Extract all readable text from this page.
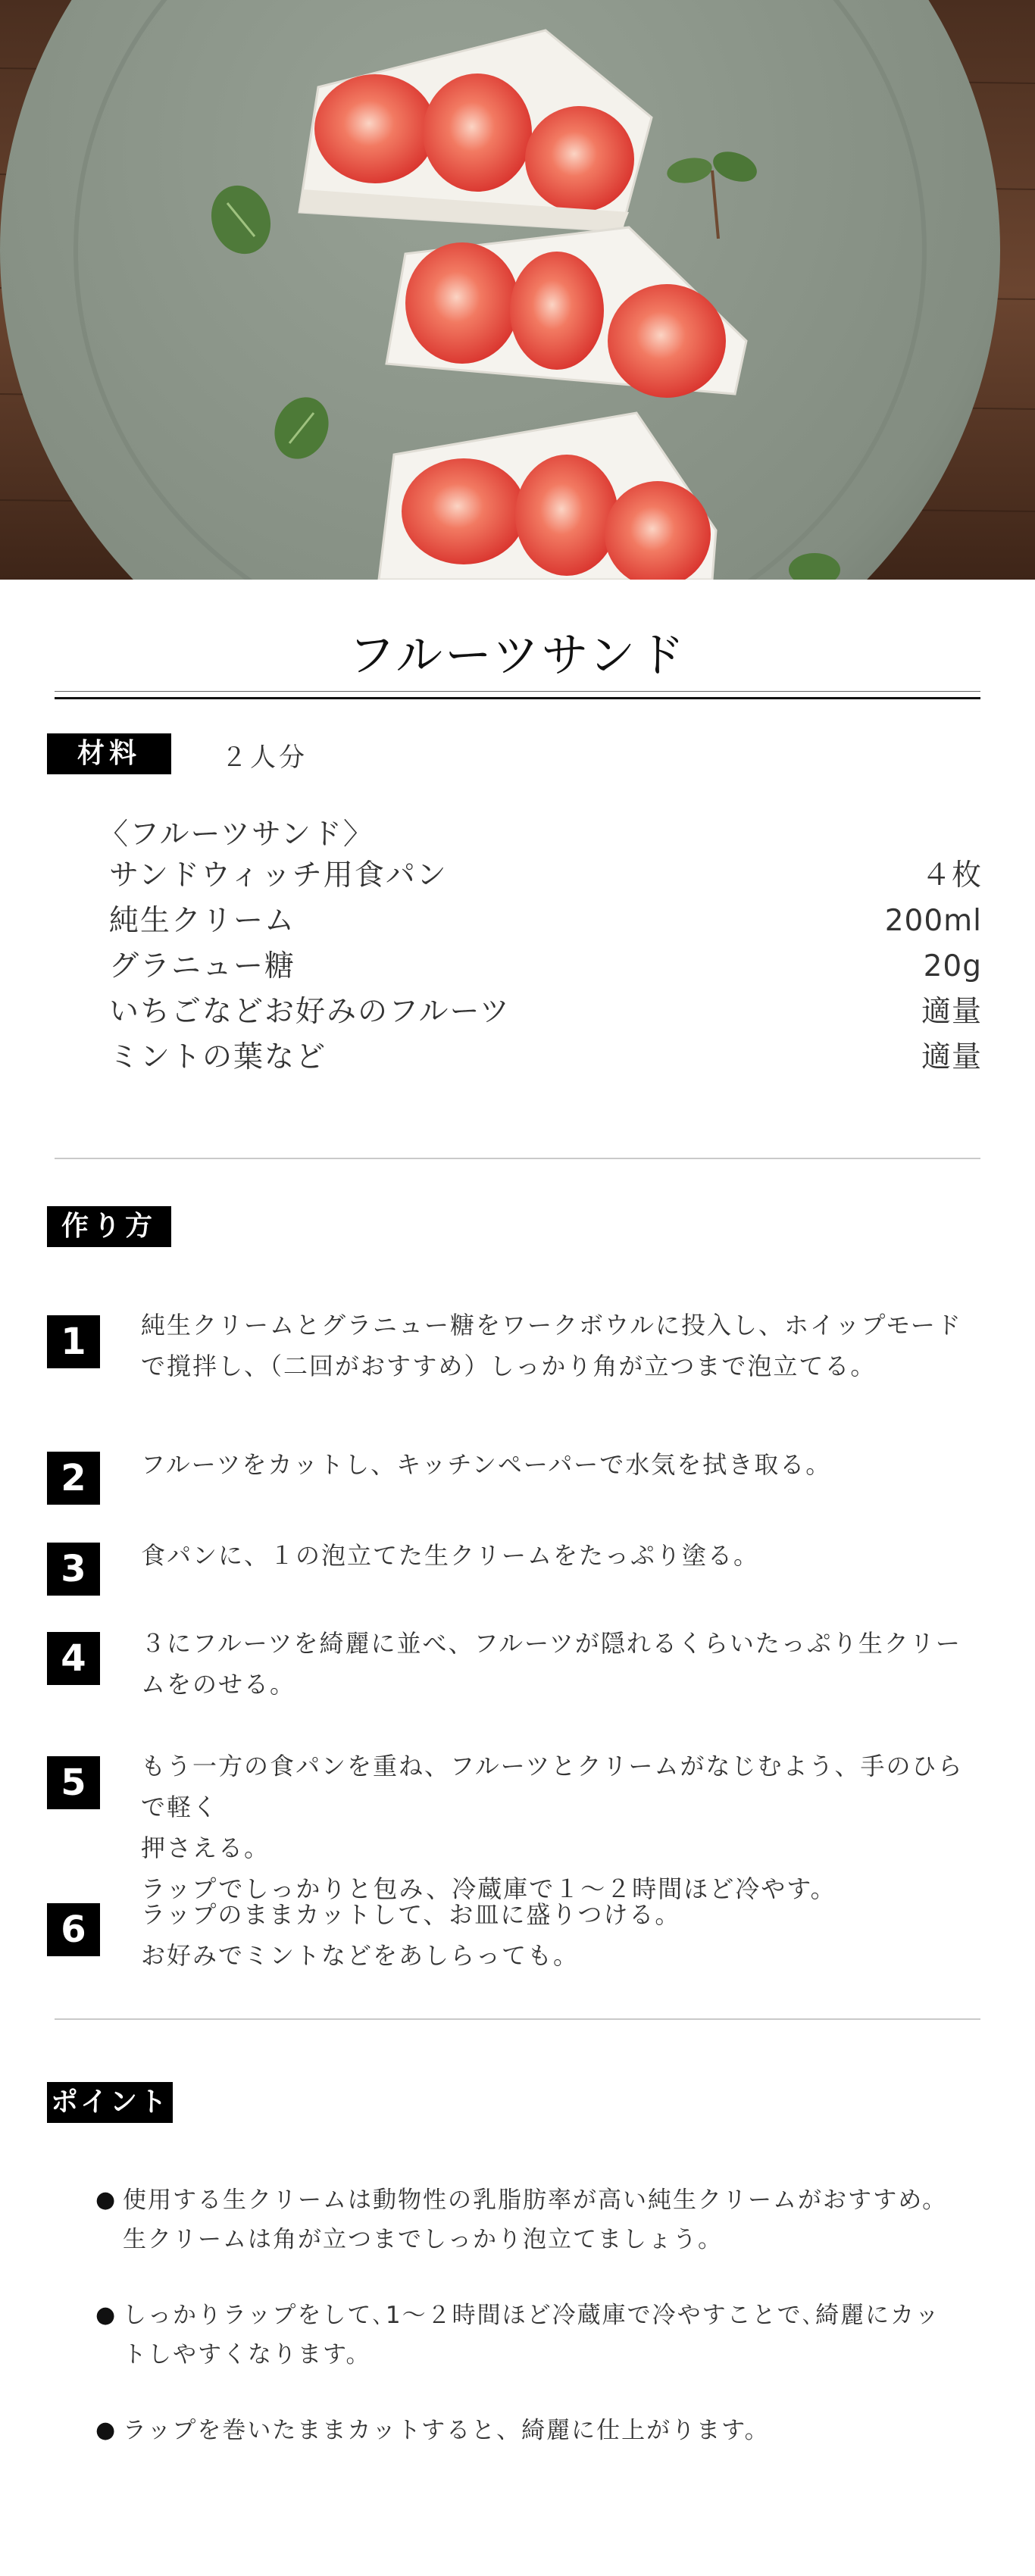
フルーツサンド
材料	２人分
〈フルーツサンド〉
サンドウィッチ用食パン	４枚
純生クリーム	200ml
グラニュー糖	20g
いちごなどお好みのフルーツ	適量
ミントの葉など	適量
作り方
1	純生クリームとグラニュー糖をワークボウルに投入し、ホイップモード
で撹拌し、（二回がおすすめ）しっかり角が立つまで泡立てる。
2	フルーツをカットし、キッチンペーパーで水気を拭き取る。
3	食パンに、１の泡立てた生クリームをたっぷり塗る。
4	３にフルーツを綺麗に並べ、フルーツが隠れるくらいたっぷり生クリー
ムをのせる。
5	もう一方の食パンを重ね、フルーツとクリームがなじむよう、手のひらで軽く
押さえる。
ラップでしっかりと包み、冷蔵庫で１～２時間ほど冷やす。
6	ラップのままカットして、お皿に盛りつける。
お好みでミントなどをあしらっても。
ポイント
● 使用する生クリームは動物性の乳脂肪率が高い純生クリームがおすすめ。
生クリームは角が立つまでしっかり泡立てましょう。
● しっかりラップをして､1～２時間ほど冷蔵庫で冷やすことで､綺麗にカッ
トしやすくなります。
● ラップを巻いたままカットすると、綺麗に仕上がります。
